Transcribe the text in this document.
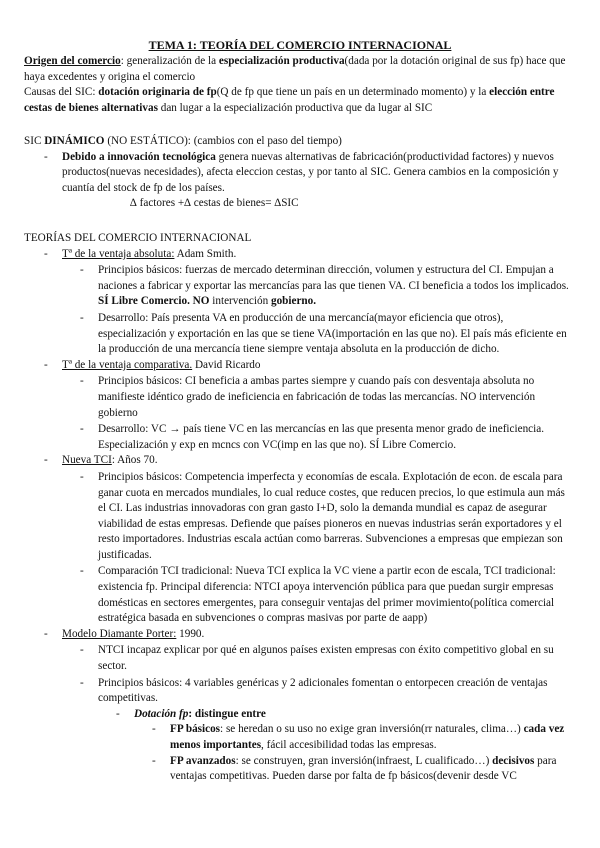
TEMA 1: TEORÍA DEL COMERCIO INTERNACIONAL

Origen del comercio: generalización de la especialización productiva(dada por la dotación original de sus fp) hace que haya excedentes y origina el comercio

Causas del SIC: dotación originaria de fp(Q de fp que tiene un país en un determinado momento) y la elección entre cestas de bienes alternativas dan lugar a la especialización productiva que da lugar al SIC

SIC DINÁMICO (NO ESTÁTICO): (cambios con el paso del tiempo)

- Debido a innovación tecnológica genera nuevas alternativas de fabricación(productividad factores) y nuevos productos(nuevas necesidades), afecta eleccion cestas, y por tanto al SIC. Genera cambios en la composición y cuantía del stock de fp de los países.

∆ factores +∆ cestas de bienes= ∆SIC

TEORÍAS DEL COMERCIO INTERNACIONAL

- Tª de la ventaja absoluta: Adam Smith.
- Principios básicos: fuerzas de mercado determinan dirección, volumen y estructura del CI. Empujan a naciones a fabricar y exportar las mercancías para las que tienen VA. CI beneficia a todos los implicados. SÍ Libre Comercio. NO intervención gobierno.
- Desarrollo: País presenta VA en producción de una mercancía(mayor eficiencia que otros), especialización y exportación en las que se tiene VA(importación en las que no). El país más eficiente en la producción de una mercancía tiene siempre ventaja absoluta en la producción de dicho.
- Tª de la ventaja comparativa. David Ricardo
- Principios básicos: CI beneficia a ambas partes siempre y cuando país con desventaja absoluta no manifieste idéntico grado de ineficiencia en fabricación de todas las mercancías. NO intervención gobierno
- Desarrollo: VC → país tiene VC en las mercancías en las que presenta menor grado de ineficiencia. Especialización y exp en mcncs con VC(imp en las que no). SÍ Libre Comercio.
- Nueva TCI: Años 70.
- Principios básicos: Competencia imperfecta y economías de escala. Explotación de econ. de escala para ganar cuota en mercados mundiales, lo cual reduce costes, que reducen precios, lo que estimula aun más el CI. Las industrias innovadoras con gran gasto I+D, solo la demanda mundial es capaz de asegurar viabilidad de estas empresas. Defiende que países pioneros en nuevas industrias serán exportadores y el resto importadores. Industrias escala actúan como barreras. Subvenciones a empresas que empiezan son justificadas.
- Comparación TCI tradicional: Nueva TCI explica la VC viene a partir econ de escala, TCI tradicional: existencia fp. Principal diferencia: NTCI apoya intervención pública para que puedan surgir empresas domésticas en sectores emergentes, para conseguir ventajas del primer movimiento(política comercial estratégica basada en subvenciones o compras masivas por parte de aapp)
- Modelo Diamante Porter: 1990.
- NTCI incapaz explicar por qué en algunos países existen empresas con éxito competitivo global en su sector.
- Principios básicos: 4 variables genéricas y 2 adicionales fomentan o entorpecen creación de ventajas competitivas.
- Dotación fp: distingue entre
- FP básicos: se heredan o su uso no exige gran inversión(rr naturales, clima…) cada vez menos importantes, fácil accesibilidad todas las empresas.
- FP avanzados: se construyen, gran inversión(infraest, L cualificado…) decisivos para ventajas competitivas. Pueden darse por falta de fp básicos(devenir desde VC
